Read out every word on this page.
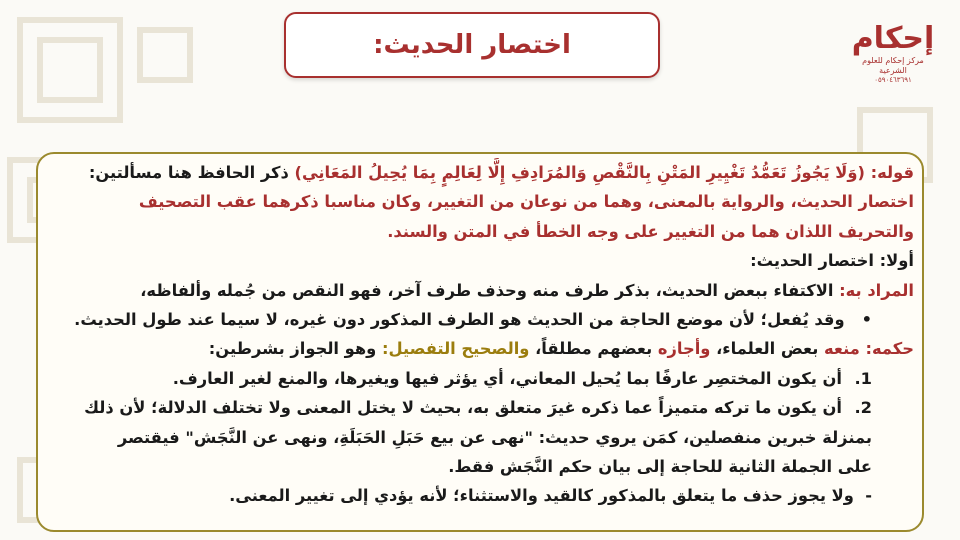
اختصار الحديث:	إحكام
مركز إحكام للعلوم الشرعية
٠٥٩٠٤٦٣٦٩١
قوله: (وَلَا يَجُوزُ تَعَمُّدُ تَغْيِيرِ المَتْنِ بِالنَّقْصِ وَالمُرَادِفِ إِلَّا لِعَالِمٍ بِمَا يُحِيلُ المَعَانِي) ذكر الحافظ هنا مسألتين:
اختصار الحديث، والرواية بالمعنى، وهما من نوعان من التغيير، وكان مناسبا ذكرهما عقب التصحيف
والتحريف اللذان هما من التغيير على وجه الخطأ في المتن والسند.
أولا: اختصار الحديث:
المراد به: الاكتفاء ببعض الحديث، بذكر طرف منه وحذف طرف آخر، فهو النقص من جُمله وألفاظه،
•   وقد يُفعل؛ لأن موضع الحاجة من الحديث هو الطرف المذكور دون غيره، لا سيما عند طول الحديث.
حكمه: منعه بعض العلماء، وأجازه بعضهم مطلقاً، والصحيح التفصيل: وهو الجواز بشرطين:
1.أن يكون المختصِر عارفًا بما يُحيل المعاني، أي يؤثر فيها ويغيرها، والمنع لغير العارف.
2.أن يكون ما تركه متميزاً عما ذكره غيرَ متعلق به، بحيث لا يختل المعنى ولا تختلف الدلالة؛ لأن ذلك
بمنزلة خبرين منفصلين، كمَن يروي حديث: "نهى عن بيع حَبَلِ الحَبَلَةِ، ونهى عن النَّجَش" فيقتصر
على الجملة الثانية للحاجة إلى بيان حكم النَّجَش فقط.
-  ولا يجوز حذف ما يتعلق بالمذكور كالقيد والاستثناء؛ لأنه يؤدي إلى تغيير المعنى.
